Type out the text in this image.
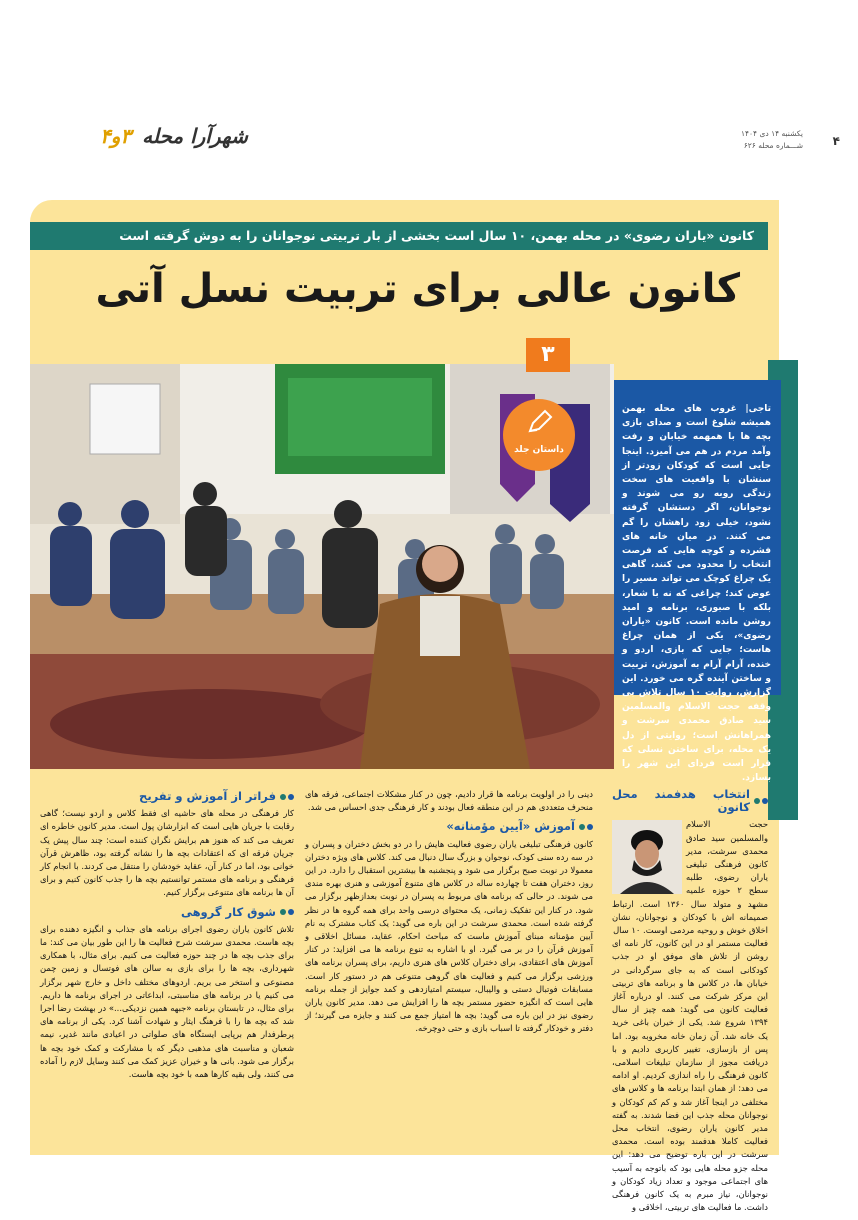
۴
یکشنبه ۱۴ دی ۱۴۰۴
شـــماره محله ۶۲۶
شهرآرا محله ۳و۴
کانون «یاران رضوی» در محله بهمن، ۱۰ سال است بخشی از بار تربیتی نوجوانان را به دوش گرفته است
کانون عالی برای تربیت نسل آتی
۳
داستان جلد

تاجی| غروب های محله بهمن همیشه شلوغ است و صدای بازی بچه ها با همهمه خیابان و رفت وآمد مردم در هم می آمیزد. اینجا جایی است که کودکان زودتر از سنشان با واقعیت های سخت زندگی روبه رو می شوند و نوجوانان، اگر دستشان گرفته نشود، خیلی زود راهشان را گم می کنند. در میان خانه های فشرده و کوچه هایی که فرصت انتخاب را محدود می کنند، گاهی یک چراغ کوچک می تواند مسیر را عوض کند؛ چراغی که نه با شعار، بلکه با صبوری، برنامه و امید روشن مانده است. کانون «یاران رضوی»، یکی از همان چراغ هاست؛ جایی که بازی، اردو و خنده، آرام آرام به آموزش، تربیت و ساختن آینده گره می خورد. این گزارش، روایت ۱۰ سال تلاش بی وقفه حجت الاسلام والمسلمین سید صادق محمدی سرشت و همراهانش است؛ روایتی از دل یک محله، برای ساختن نسلی که قرار است فردای این شهر را بسازد.

انتخاب هدفمند محل کانون

حجت الاسلام والمسلمین سید صادق محمدی سرشت، مدیر کانون فرهنگی تبلیغی یاران رضوی، طلبه سطح ۲ حوزه علمیه مشهد و متولد سال ۱۳۶۰ است. ارتباط صمیمانه اش با کودکان و نوجوانان، نشان اخلاق خوش و روحیه مردمی اوست. ۱۰ سال

فعالیت مستمر او در این کانون، کار نامه ای روشن از تلاش های موفق او در جذب کودکانی است که به جای سرگردانی در خیابان ها، در کلاس ها و برنامه های تربیتی این مرکز شرکت می کنند. او درباره آغاز فعالیت کانون می گوید: همه چیز از سال ۱۳۹۴ شروع شد. یکی از خیران باغی خرید یک خانه شد. آن زمان خانه مخروبه بود. اما پس از بازسازی، تغییر کاربری دادیم و با دریافت مجوز از سازمان تبلیغات اسلامی، کانون فرهنگی را راه اندازی کردیم. او ادامه می دهد: از همان ابتدا برنامه ها و کلاس های مختلفی در اینجا آغاز شد و کم کم کودکان و نوجوانان محله جذب این فضا شدند. به گفته مدیر کانون یاران رضوی، انتخاب محل فعالیت کاملا هدفمند بوده است. محمدی سرشت در این باره توضیح می دهد: این محله جزو محله هایی بود که باتوجه به آسیب های اجتماعی موجود و تعداد زیاد کودکان و نوجوانان، نیاز مبرم به یک کانون فرهنگی داشت. ما فعالیت های تربیتی، اخلاقی و

دینی را در اولویت برنامه ها قرار دادیم، چون در کنار مشکلات اجتماعی، فرقه های منحرف متعددی هم در این منطقه فعال بودند و کار فرهنگی جدی احساس می شد.

آموزش «آیین مؤمنانه»

کانون فرهنگی تبلیغی یاران رضوی فعالیت هایش را در دو بخش دختران و پسران و در سه رده سنی کودک، نوجوان و بزرگ سال دنبال می کند. کلاس های ویژه دختران معمولا در نوبت صبح برگزار می شود و پنجشنبه ها بیشترین استقبال را دارد. در این روز، دختران هفت تا چهارده ساله در کلاس های متنوع آموزشی و هنری بهره مندی می شوند. در حالی که برنامه های مربوط به پسران در نوبت بعدازظهر برگزار می شود. در کنار این تفکیک زمانی، یک محتوای درسی واحد برای همه گروه ها در نظر گرفته شده است. محمدی سرشت در این باره می گوید: یک کتاب مشترک به نام آیین مؤمنانه مبنای آموزش ماست که مباحث احکام، عقاید، مسائل اخلاقی و آموزش قرآن را در بر می گیرد. او با اشاره به تنوع برنامه ها می افزاید: در کنار آموزش های اعتقادی، برای دختران کلاس های هنری داریم، برای پسران برنامه های ورزشی برگزار می کنیم و فعالیت های گروهی متنوعی هم در دستور کار است. مسابقات فوتبال دستی و والیبال، سیستم امتیازدهی و کمد جوایز از جمله برنامه هایی است که انگیزه حضور مستمر بچه ها را افزایش می دهد. مدیر کانون یاران رضوی نیز در این باره می گوید: بچه ها امتیاز جمع می کنند و جایزه می گیرند؛ از دفتر و خودکار گرفته تا اسباب بازی و حتی دوچرخه.

فراتر از آموزش و تفریح

کار فرهنگی در محله های حاشیه ای فقط کلاس و اردو نیست؛ گاهی رقابت با جریان هایی است که ابزارشان پول است. مدیر کانون خاطره ای تعریف می کند که هنوز هم برایش نگران کننده است: چند سال پیش یک جریان فرقه ای که اعتقادات بچه ها را نشانه گرفته بود، ظاهرش قرآن خوانی بود، اما در کنار آن، عقاید خودشان را منتقل می کردند. با انجام کار فرهنگی و برنامه های مستمر توانستیم بچه ها را جذب کانون کنیم و برای آن ها برنامه های متنوعی برگزار کنیم.

شوق کار گروهی

تلاش کانون یاران رضوی اجرای برنامه های جذاب و انگیزه دهنده برای بچه هاست. محمدی سرشت شرح فعالیت ها را این طور بیان می کند: ما برای جذب بچه ها در چند حوزه فعالیت می کنیم. برای مثال، با همکاری شهرداری، بچه ها را برای بازی به سالن های فوتسال و زمین چمن مصنوعی و استخر می بریم. اردوهای مختلف داخل و خارج شهر برگزار می کنیم یا در برنامه های مناسبتی، ابداعاتی در اجرای برنامه ها داریم. برای مثال، در تابستان برنامه «جبهه همین نزدیکی...» در بهشت رضا اجرا شد که بچه ها را با فرهنگ ایثار و شهادت آشنا کرد. یکی از برنامه های پرطرفدار هم برپایی ایستگاه های صلواتی در اعیادی مانند غدیر، نیمه شعبان و مناسبت های مذهبی دیگر که با مشارکت و کمک خود بچه ها برگزار می شود. بانی ها و خیران عزیز کمک می کنند وسایل لازم را آماده می کنند، ولی بقیه کارها همه با خود بچه هاست.
